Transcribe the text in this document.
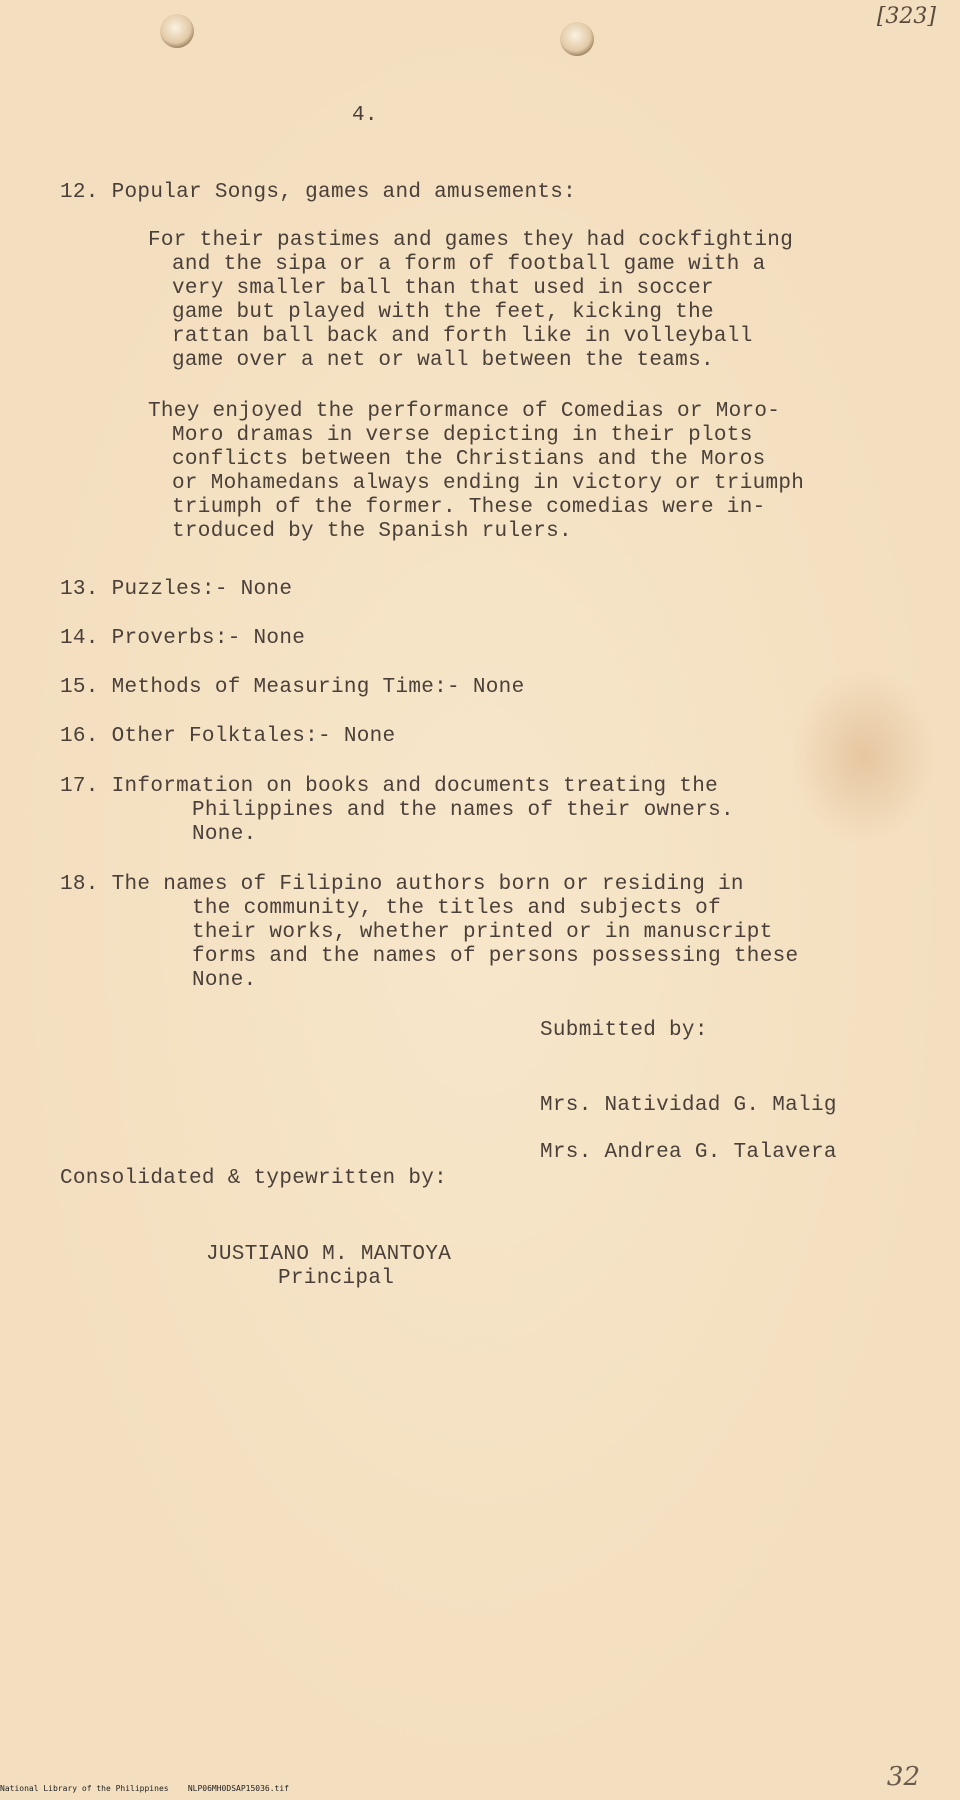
[323]
4.
12. Popular Songs, games and amusements:
For their pastimes and games they had cockfighting
and the sipa or a form of football game with a
very smaller ball than that used in soccer
game but played with the feet, kicking the
rattan ball back and forth like in volleyball
game over a net or wall between the teams.
They enjoyed the performance of Comedias or Moro-
Moro dramas in verse depicting in their plots
conflicts between the Christians and the Moros
or Mohamedans always ending in victory or triumph
triumph of the former. These comedias were in-
troduced by the Spanish rulers.
13. Puzzles:- None
14. Proverbs:- None
15. Methods of Measuring Time:- None
16. Other Folktales:- None
17. Information on books and documents treating the
Philippines and the names of their owners.
None.
18. The names of Filipino authors born or residing in
the community, the titles and subjects of
their works, whether printed or in manuscript
forms and the names of persons possessing these
None.
Submitted by:
Mrs. Natividad G. Malig
Mrs. Andrea G. Talavera
Consolidated & typewritten by:
JUSTIANO M. MANTOYA
Principal
National Library of the Philippines NLP06MH0DSAP15036.tif	32
